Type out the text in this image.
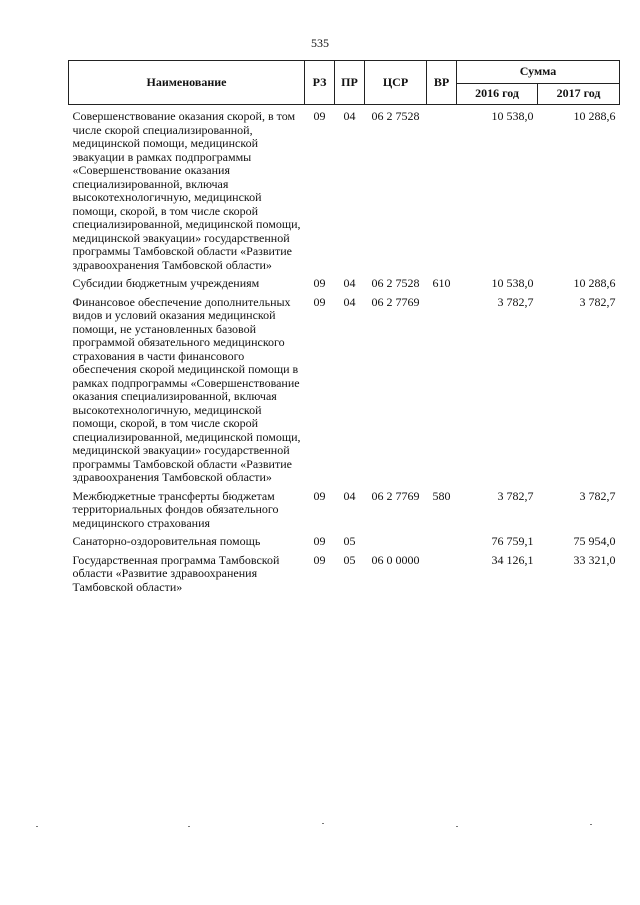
535
Наименование	РЗ	ПР	ЦСР	ВР	Сумма	
					2016 год	2017 год

Совершенствование оказания скорой, в том числе скорой специализированной, медицинской помощи, медицинской эвакуации в рамках подпрограммы «Совершенствование оказания специализированной, включая высокотехнологичную, медицинской помощи, скорой, в том числе скорой специализированной, медицинской помощи, медицинской эвакуации» государственной программы Тамбовской области «Развитие здравоохранения Тамбовской области»	09	04	06 2 7528		10 538,0	10 288,6

Субсидии бюджетным учреждениям	09	04	06 2 7528	610	10 538,0	10 288,6

Финансовое обеспечение дополнительных видов и условий оказания медицинской помощи, не установленных базовой программой обязательного медицинского страхования в части финансового обеспечения скорой медицинской помощи в рамках подпрограммы «Совершенствование оказания специализированной, включая высокотехнологичную, медицинской помощи, скорой, в том числе скорой специализированной, медицинской помощи, медицинской эвакуации» государственной программы Тамбовской области «Развитие здравоохранения Тамбовской области»	09	04	06 2 7769		3 782,7	3 782,7

Межбюджетные трансферты бюджетам территориальных фондов обязательного медицинского страхования	09	04	06 2 7769	580	3 782,7	3 782,7

Санаторно-оздоровительная помощь	09	05			76 759,1	75 954,0

Государственная программа Тамбовской области «Развитие здравоохранения Тамбовской области»	09	05	06 0 0000		34 126,1	33 321,0
